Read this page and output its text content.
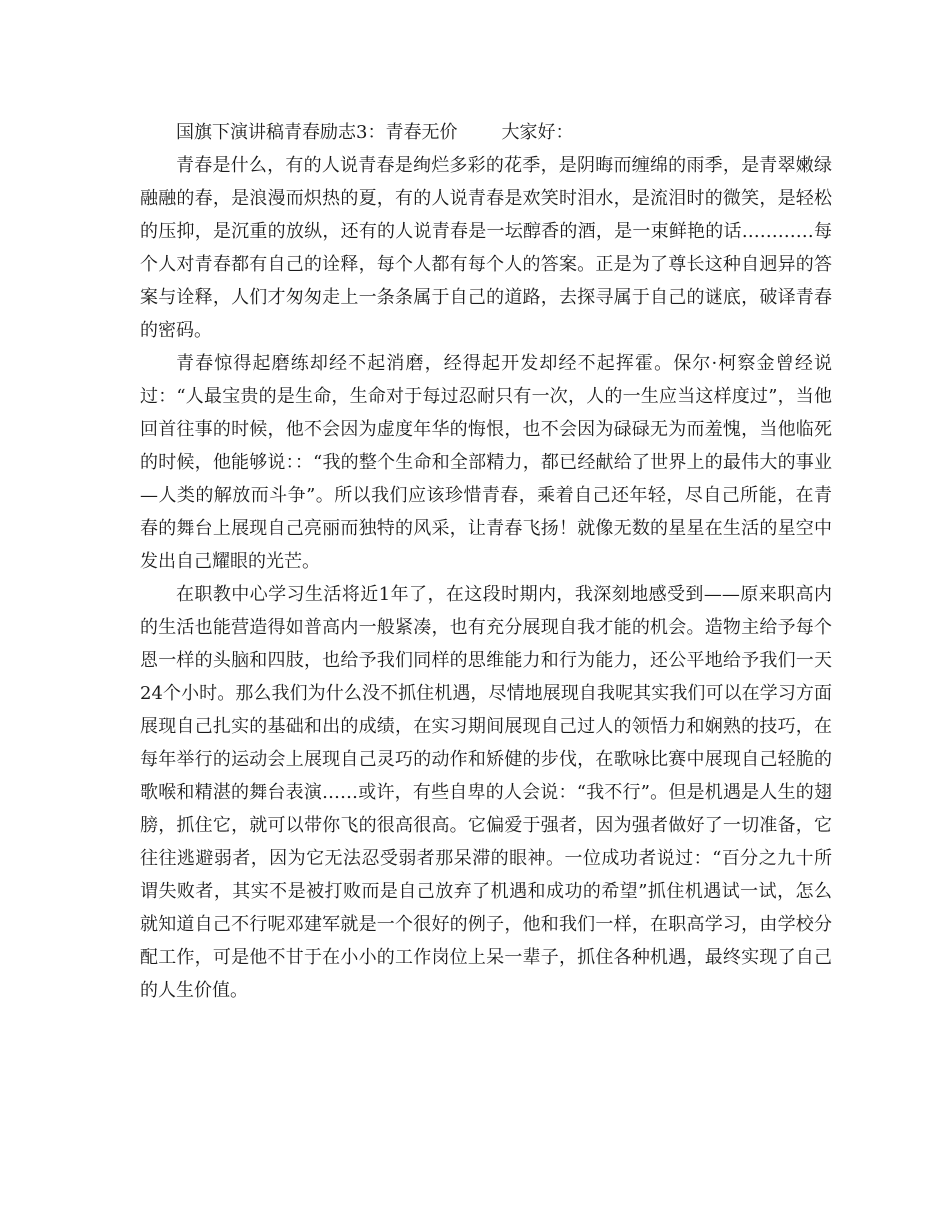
国旗下演讲稿青春励志3：青春无价 大家好：

青春是什么，有的人说青春是绚烂多彩的花季，是阴晦而缠绵的雨季，是青翠嫩绿融融的春，是浪漫而炽热的夏，有的人说青春是欢笑时泪水，是流泪时的微笑，是轻松的压抑，是沉重的放纵，还有的人说青春是一坛醇香的酒，是一束鲜艳的话…………每个人对青春都有自己的诠释，每个人都有每个人的答案。正是为了尊长这种自迥异的答案与诠释，人们才匆匆走上一条条属于自己的道路，去探寻属于自己的谜底，破译青春的密码。

青春惊得起磨练却经不起消磨，经得起开发却经不起挥霍。保尔·柯察金曾经说过：“人最宝贵的是生命，生命对于每过忍耐只有一次，人的一生应当这样度过”，当他回首往事的时候，他不会因为虚度年华的悔恨，也不会因为碌碌无为而羞愧，当他临死的时候，他能够说：：“我的整个生命和全部精力，都已经献给了世界上的最伟大的事业—人类的解放而斗争”。所以我们应该珍惜青春，乘着自己还年轻，尽自己所能，在青春的舞台上展现自己亮丽而独特的风采，让青春飞扬！就像无数的星星在生活的星空中发出自己耀眼的光芒。

在职教中心学习生活将近1年了，在这段时期内，我深刻地感受到——原来职高内的生活也能营造得如普高内一般紧凑，也有充分展现自我才能的机会。造物主给予每个恩一样的头脑和四肢，也给予我们同样的思维能力和行为能力，还公平地给予我们一天24个小时。那么我们为什么没不抓住机遇，尽情地展现自我呢其实我们可以在学习方面展现自己扎实的基础和出的成绩，在实习期间展现自己过人的领悟力和娴熟的技巧，在每年举行的运动会上展现自己灵巧的动作和矫健的步伐，在歌咏比赛中展现自己轻脆的歌喉和精湛的舞台表演……或许，有些自卑的人会说：“我不行”。但是机遇是人生的翅膀，抓住它，就可以带你飞的很高很高。它偏爱于强者，因为强者做好了一切准备，它往往逃避弱者，因为它无法忍受弱者那呆滞的眼神。一位成功者说过：“百分之九十所谓失败者，其实不是被打败而是自己放弃了机遇和成功的希望”抓住机遇试一试，怎么就知道自己不行呢邓建军就是一个很好的例子，他和我们一样，在职高学习，由学校分配工作，可是他不甘于在小小的工作岗位上呆一辈子，抓住各种机遇，最终实现了自己的人生价值。
